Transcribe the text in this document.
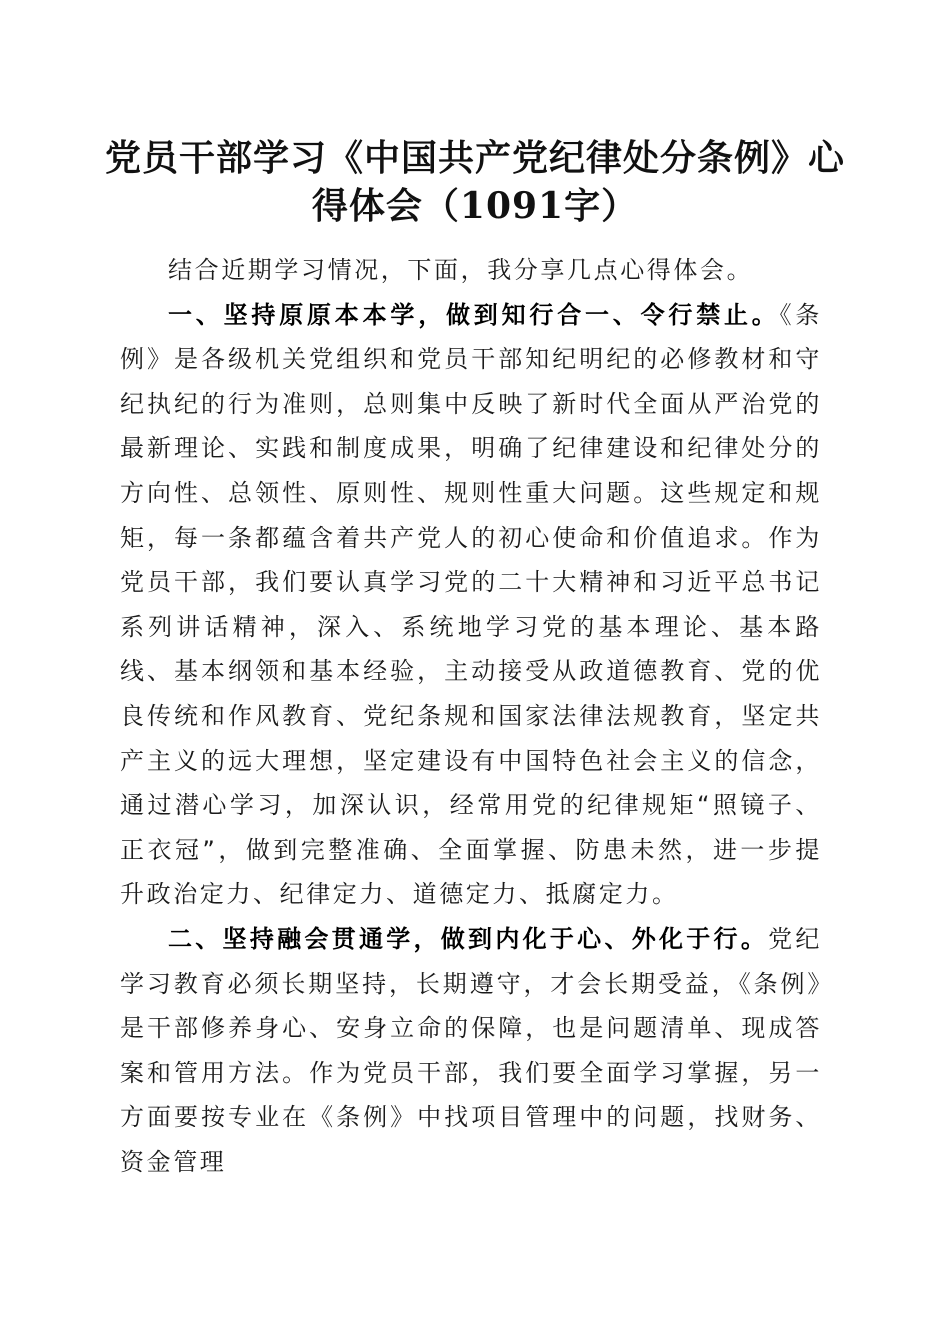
党员干部学习《中国共产党纪律处分条例》心得体会（1091字）

结合近期学习情况，下面，我分享几点心得体会。

一、坚持原原本本学，做到知行合一、令行禁止。《条例》是各级机关党组织和党员干部知纪明纪的必修教材和守纪执纪的行为准则，总则集中反映了新时代全面从严治党的最新理论、实践和制度成果，明确了纪律建设和纪律处分的方向性、总领性、原则性、规则性重大问题。这些规定和规矩，每一条都蕴含着共产党人的初心使命和价值追求。作为党员干部，我们要认真学习党的二十大精神和习近平总书记系列讲话精神，深入、系统地学习党的基本理论、基本路线、基本纲领和基本经验，主动接受从政道德教育、党的优良传统和作风教育、党纪条规和国家法律法规教育，坚定共产主义的远大理想，坚定建设有中国特色社会主义的信念，通过潜心学习，加深认识，经常用党的纪律规矩“照镜子、正衣冠”，做到完整准确、全面掌握、防患未然，进一步提升政治定力、纪律定力、道德定力、抵腐定力。

二、坚持融会贯通学，做到内化于心、外化于行。党纪学习教育必须长期坚持，长期遵守，才会长期受益，《条例》是干部修养身心、安身立命的保障，也是问题清单、现成答案和管用方法。作为党员干部，我们要全面学习掌握，另一方面要按专业在《条例》中找项目管理中的问题，找财务、资金管理
